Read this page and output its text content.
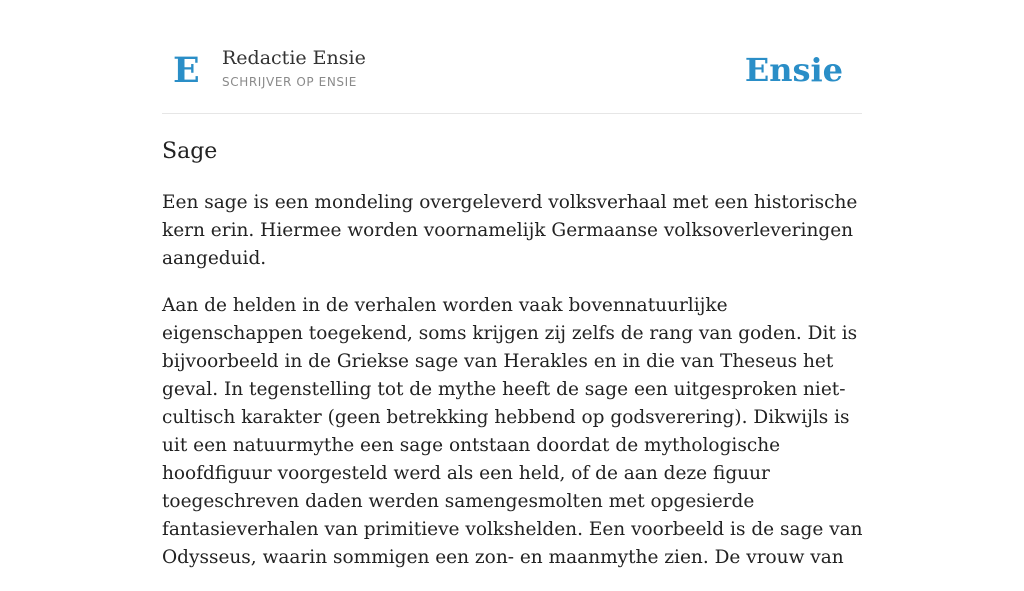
E Redactie Ensie
SCHRIJVER OP ENSIE	Ensie
Sage

Een sage is een mondeling overgeleverd volksverhaal met een historische kern erin. Hiermee worden voornamelijk Germaanse volksoverleveringen aangeduid.

Aan de helden in de verhalen worden vaak bovennatuurlijke eigenschappen toegekend, soms krijgen zij zelfs de rang van goden. Dit is bijvoorbeeld in de Griekse sage van Herakles en in die van Theseus het geval. In tegenstelling tot de mythe heeft de sage een uitgesproken niet-cultisch karakter (geen betrekking hebbend op godsverering). Dikwijls is uit een natuurmythe een sage ontstaan doordat de mythologische hoofdfiguur voorgesteld werd als een held, of de aan deze figuur toegeschreven daden werden samengesmolten met opgesierde fantasieverhalen van primitieve volkshelden. Een voorbeeld is de sage van Odysseus, waarin sommigen een zon- en maanmythe zien. De vrouw van
